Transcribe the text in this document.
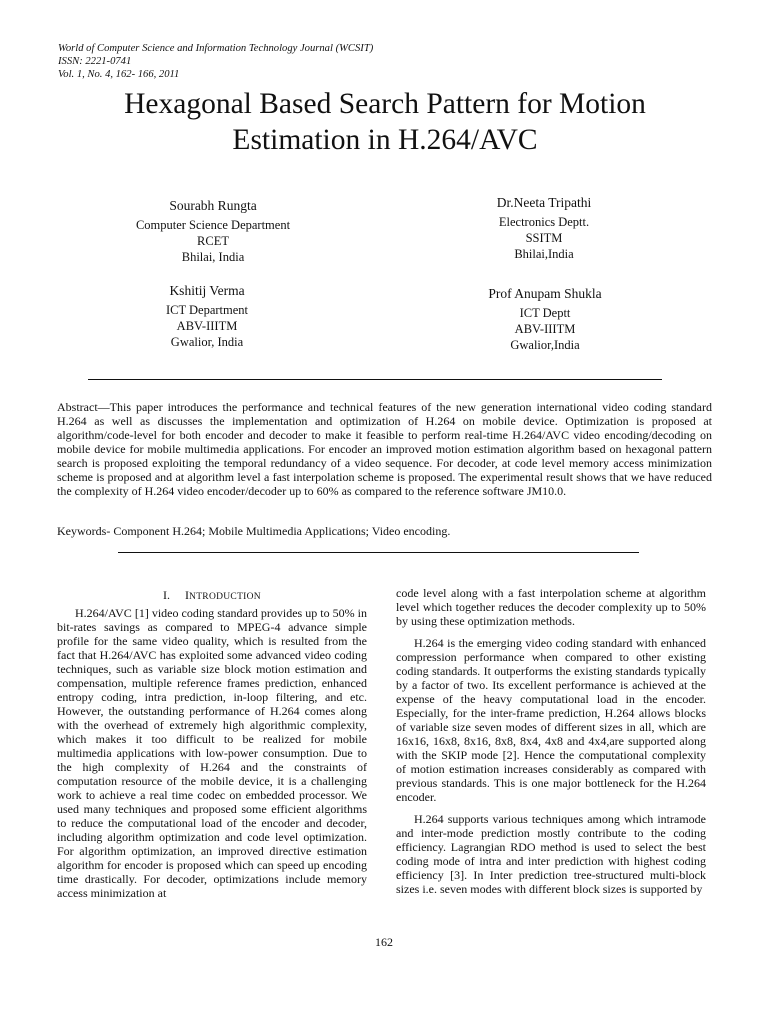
World of Computer Science and Information Technology Journal (WCSIT)
ISSN: 2221-0741
Vol. 1, No. 4, 162- 166, 2011
Hexagonal Based Search Pattern for Motion
Estimation in H.264/AVC
Sourabh Rungta
Computer Science Department
RCET
Bhilai, India
Dr.Neeta Tripathi
Electronics Deptt.
SSITM
Bhilai,India
Kshitij Verma
ICT Department
ABV-IIITM
Gwalior, India
Prof Anupam Shukla
ICT Deptt
ABV-IIITM
Gwalior,India
Abstract—This paper introduces the performance and technical features of the new generation international video coding standard H.264 as well as discusses the implementation and optimization of H.264 on mobile device. Optimization is proposed at algorithm/code-level for both encoder and decoder to make it feasible to perform real-time H.264/AVC video encoding/decoding on mobile device for mobile multimedia applications. For encoder an improved motion estimation algorithm based on hexagonal pattern search is proposed exploiting the temporal redundancy of a video sequence. For decoder, at code level memory access minimization scheme is proposed and at algorithm level a fast interpolation scheme is proposed. The experimental result shows that we have reduced the complexity of H.264 video encoder/decoder up to 60% as compared to the reference software JM10.0.
Keywords- Component H.264; Mobile Multimedia Applications; Video encoding.
I. INTRODUCTION

H.264/AVC [1] video coding standard provides up to 50% in bit-rates savings as compared to MPEG-4 advance simple profile for the same video quality, which is resulted from the fact that H.264/AVC has exploited some advanced video coding techniques, such as variable size block motion estimation and compensation, multiple reference frames prediction, enhanced entropy coding, intra prediction, in-loop filtering, and etc. However, the outstanding performance of H.264 comes along with the overhead of extremely high algorithmic complexity, which makes it too difficult to be realized for mobile multimedia applications with low-power consumption. Due to the high complexity of H.264 and the constraints of computation resource of the mobile device, it is a challenging work to achieve a real time codec on embedded processor. We used many techniques and proposed some efficient algorithms to reduce the computational load of the encoder and decoder, including algorithm optimization and code level optimization. For algorithm optimization, an improved directive estimation algorithm for encoder is proposed which can speed up encoding time drastically. For decoder, optimizations include memory access minimization at

code level along with a fast interpolation scheme at algorithm level which together reduces the decoder complexity up to 50% by using these optimization methods.

H.264 is the emerging video coding standard with enhanced compression performance when compared to other existing coding standards. It outperforms the existing standards typically by a factor of two. Its excellent performance is achieved at the expense of the heavy computational load in the encoder. Especially, for the inter-frame prediction, H.264 allows blocks of variable size seven modes of different sizes in all, which are 16x16, 16x8, 8x16, 8x8, 8x4, 4x8 and 4x4,are supported along with the SKIP mode [2]. Hence the computational complexity of motion estimation increases considerably as compared with previous standards. This is one major bottleneck for the H.264 encoder.

H.264 supports various techniques among which intramode and inter-mode prediction mostly contribute to the coding efficiency. Lagrangian RDO method is used to select the best coding mode of intra and inter prediction with highest coding efficiency [3]. In Inter prediction tree-structured multi-block sizes i.e. seven modes with different block sizes is supported by

162
